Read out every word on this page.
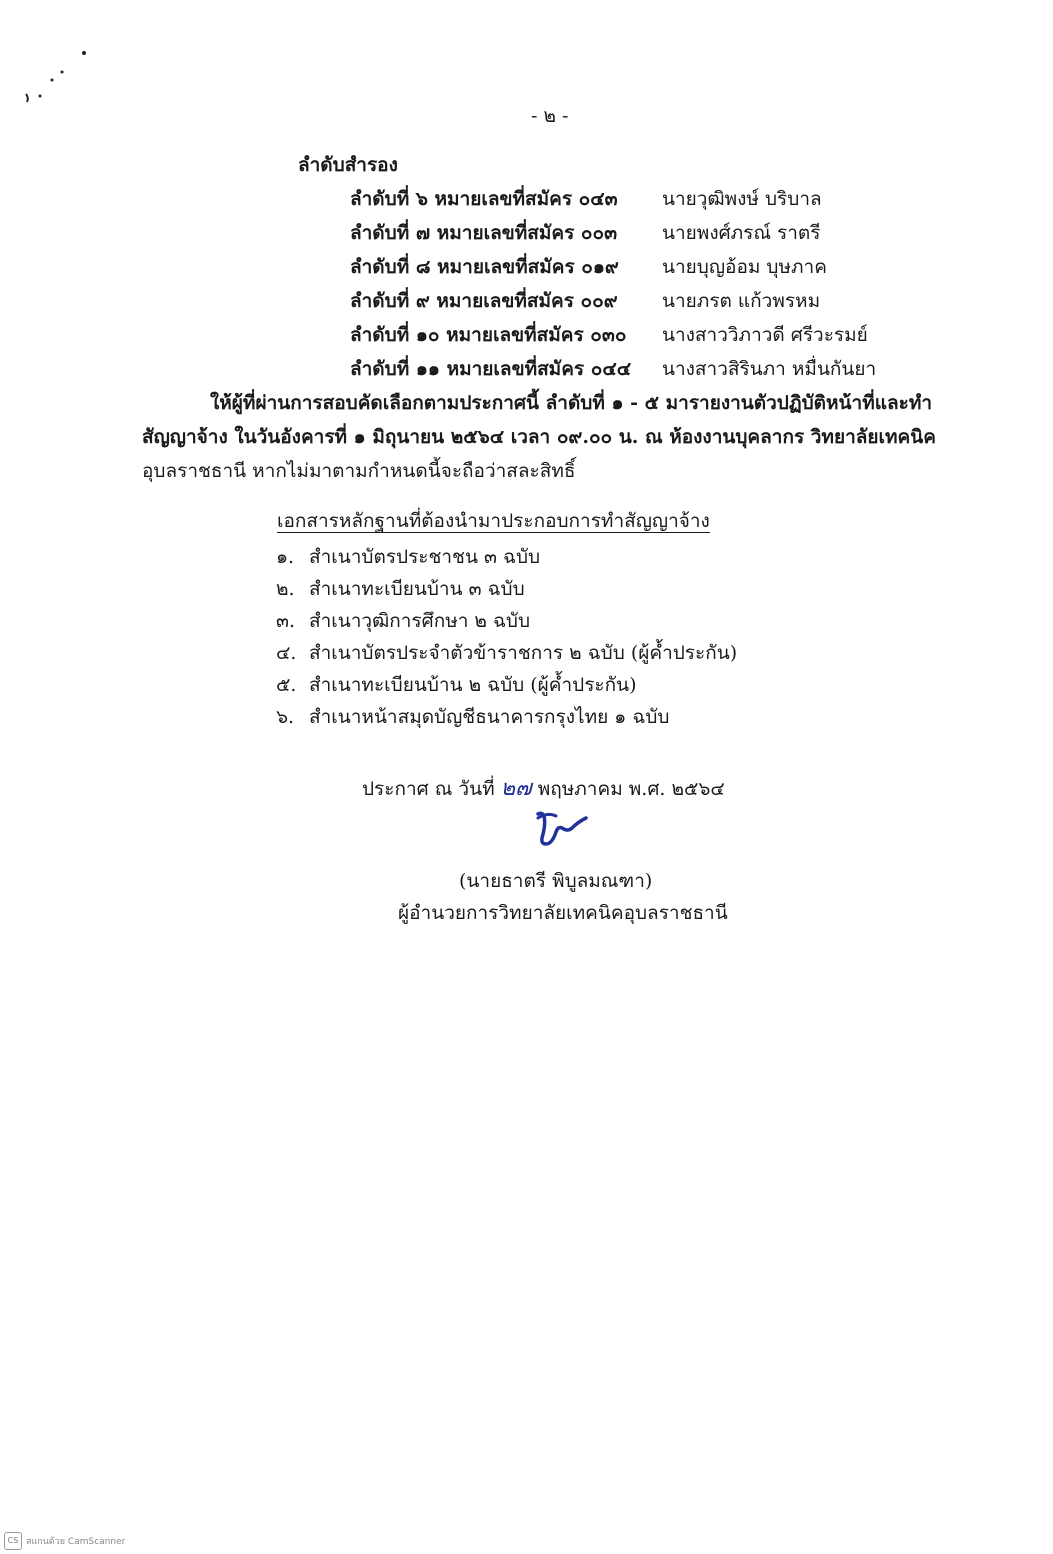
- ๒ -
ลำดับสำรอง
ลำดับที่ ๖ หมายเลขที่สมัคร ๐๔๓ นายวุฒิพงษ์ บริบาล
ลำดับที่ ๗ หมายเลขที่สมัคร ๐๐๓ นายพงศ์ภรณ์ ราตรี
ลำดับที่ ๘ หมายเลขที่สมัคร ๐๑๙ นายบุญอ้อม บุษภาค
ลำดับที่ ๙ หมายเลขที่สมัคร ๐๐๙ นายภรต แก้วพรหม
ลำดับที่ ๑๐ หมายเลขที่สมัคร ๐๓๐ นางสาววิภาวดี ศรีวะรมย์
ลำดับที่ ๑๑ หมายเลขที่สมัคร ๐๔๔ นางสาวสิรินภา หมื่นกันยา
ให้ผู้ที่ผ่านการสอบคัดเลือกตามประกาศนี้ ลำดับที่ ๑ - ๕ มารายงานตัวปฏิบัติหน้าที่และทำ
สัญญาจ้าง ในวันอังคารที่ ๑ มิถุนายน ๒๕๖๔ เวลา ๐๙.๐๐ น. ณ ห้องงานบุคลากร วิทยาลัยเทคนิค
อุบลราชธานี หากไม่มาตามกำหนดนี้จะถือว่าสละสิทธิ์
เอกสารหลักฐานที่ต้องนำมาประกอบการทำสัญญาจ้าง
๑. สำเนาบัตรประชาชน ๓ ฉบับ
๒. สำเนาทะเบียนบ้าน ๓ ฉบับ
๓. สำเนาวุฒิการศึกษา ๒ ฉบับ
๔. สำเนาบัตรประจำตัวข้าราชการ ๒ ฉบับ (ผู้ค้ำประกัน)
๕. สำเนาทะเบียนบ้าน ๒ ฉบับ (ผู้ค้ำประกัน)
๖. สำเนาหน้าสมุดบัญชีธนาคารกรุงไทย ๑ ฉบับ
ประกาศ ณ วันที่ ๒๗ พฤษภาคม พ.ศ. ๒๕๖๔
(นายธาตรี พิบูลมณฑา)
ผู้อำนวยการวิทยาลัยเทคนิคอุบลราชธานี
CS สแกนด้วย CamScanner
